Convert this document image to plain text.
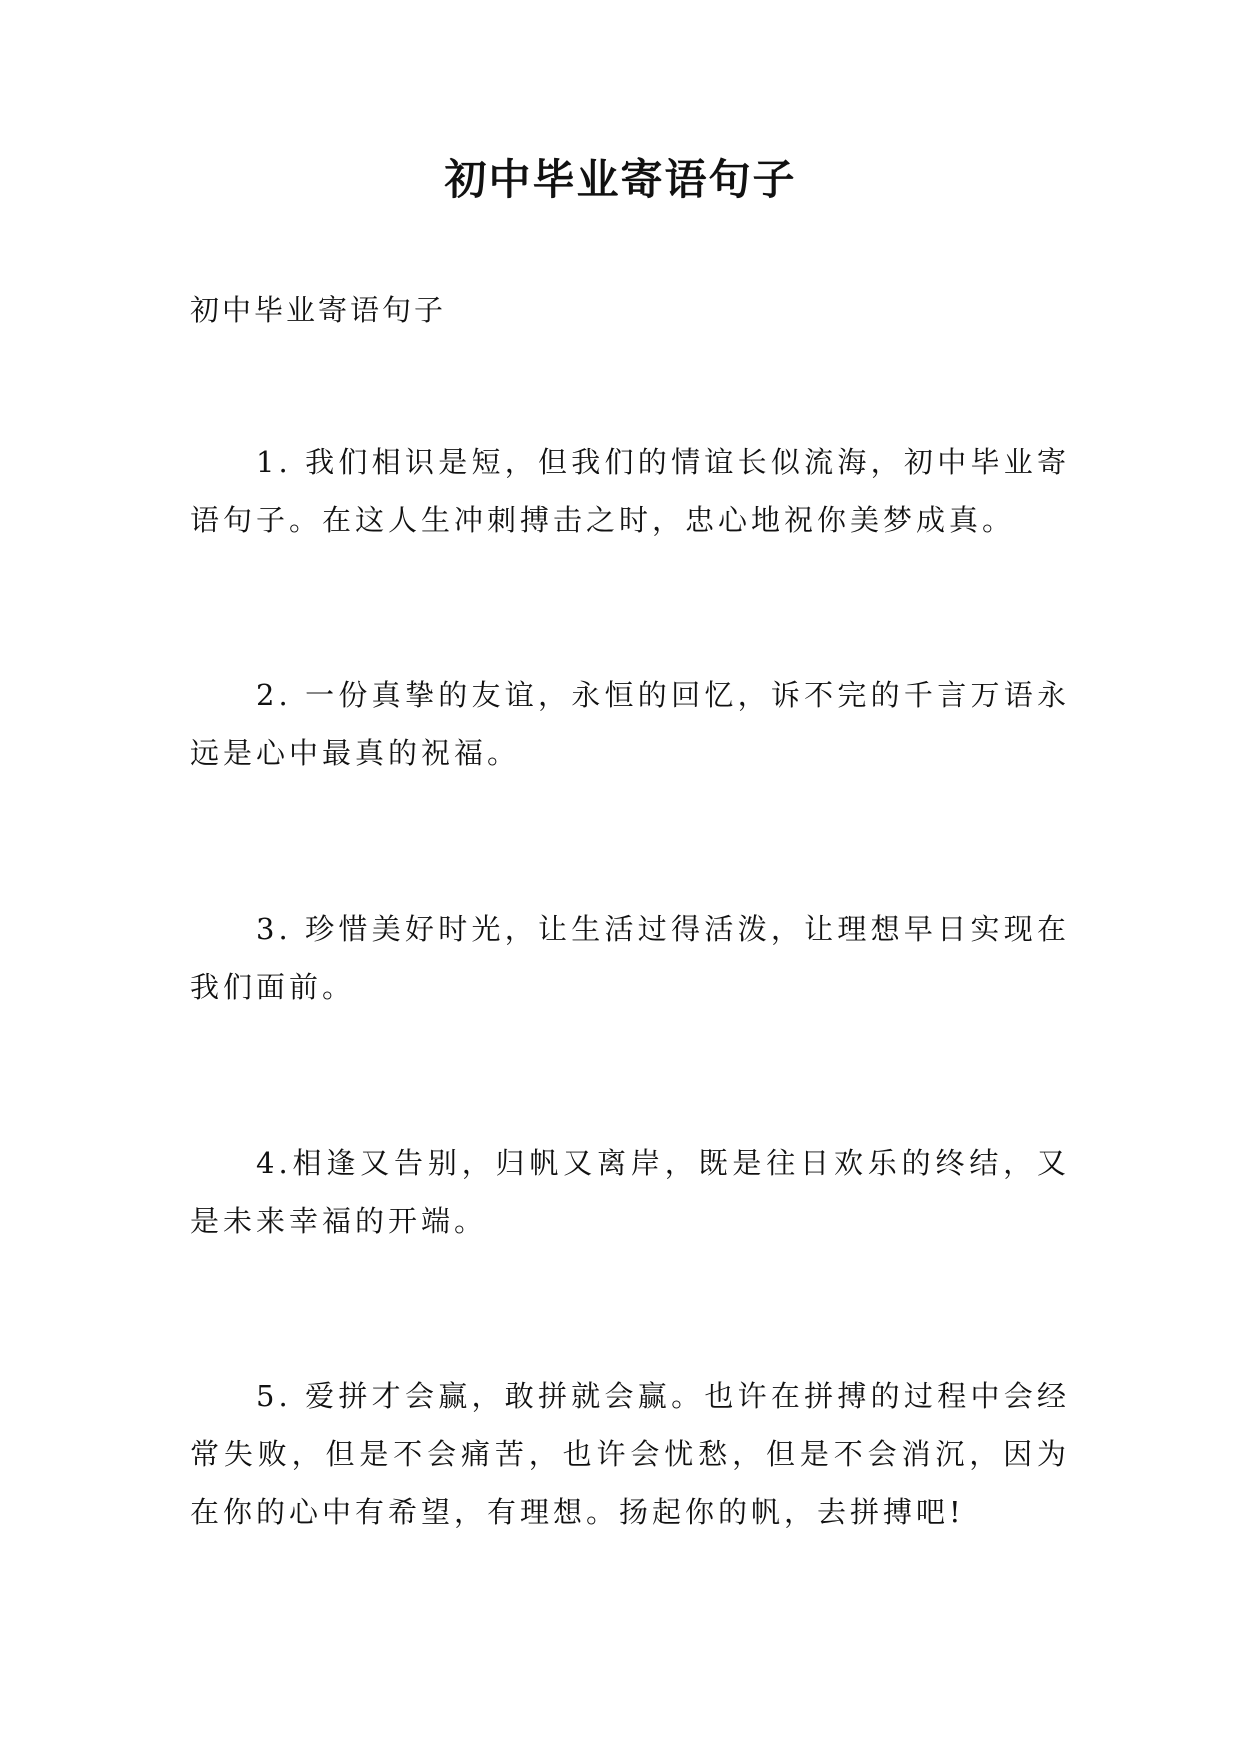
初中毕业寄语句子
初中毕业寄语句子

1. 我们相识是短，但我们的情谊长似流海，初中毕业寄语句子。在这人生冲刺搏击之时，忠心地祝你美梦成真。

2. 一份真挚的友谊，永恒的回忆，诉不完的千言万语永远是心中最真的祝福。

3. 珍惜美好时光，让生活过得活泼，让理想早日实现在我们面前。

4.相逢又告别，归帆又离岸，既是往日欢乐的终结，又是未来幸福的开端。

5. 爱拼才会赢，敢拼就会赢。也许在拼搏的过程中会经常失败，但是不会痛苦，也许会忧愁，但是不会消沉，因为在你的心中有希望，有理想。扬起你的帆，去拼搏吧!
